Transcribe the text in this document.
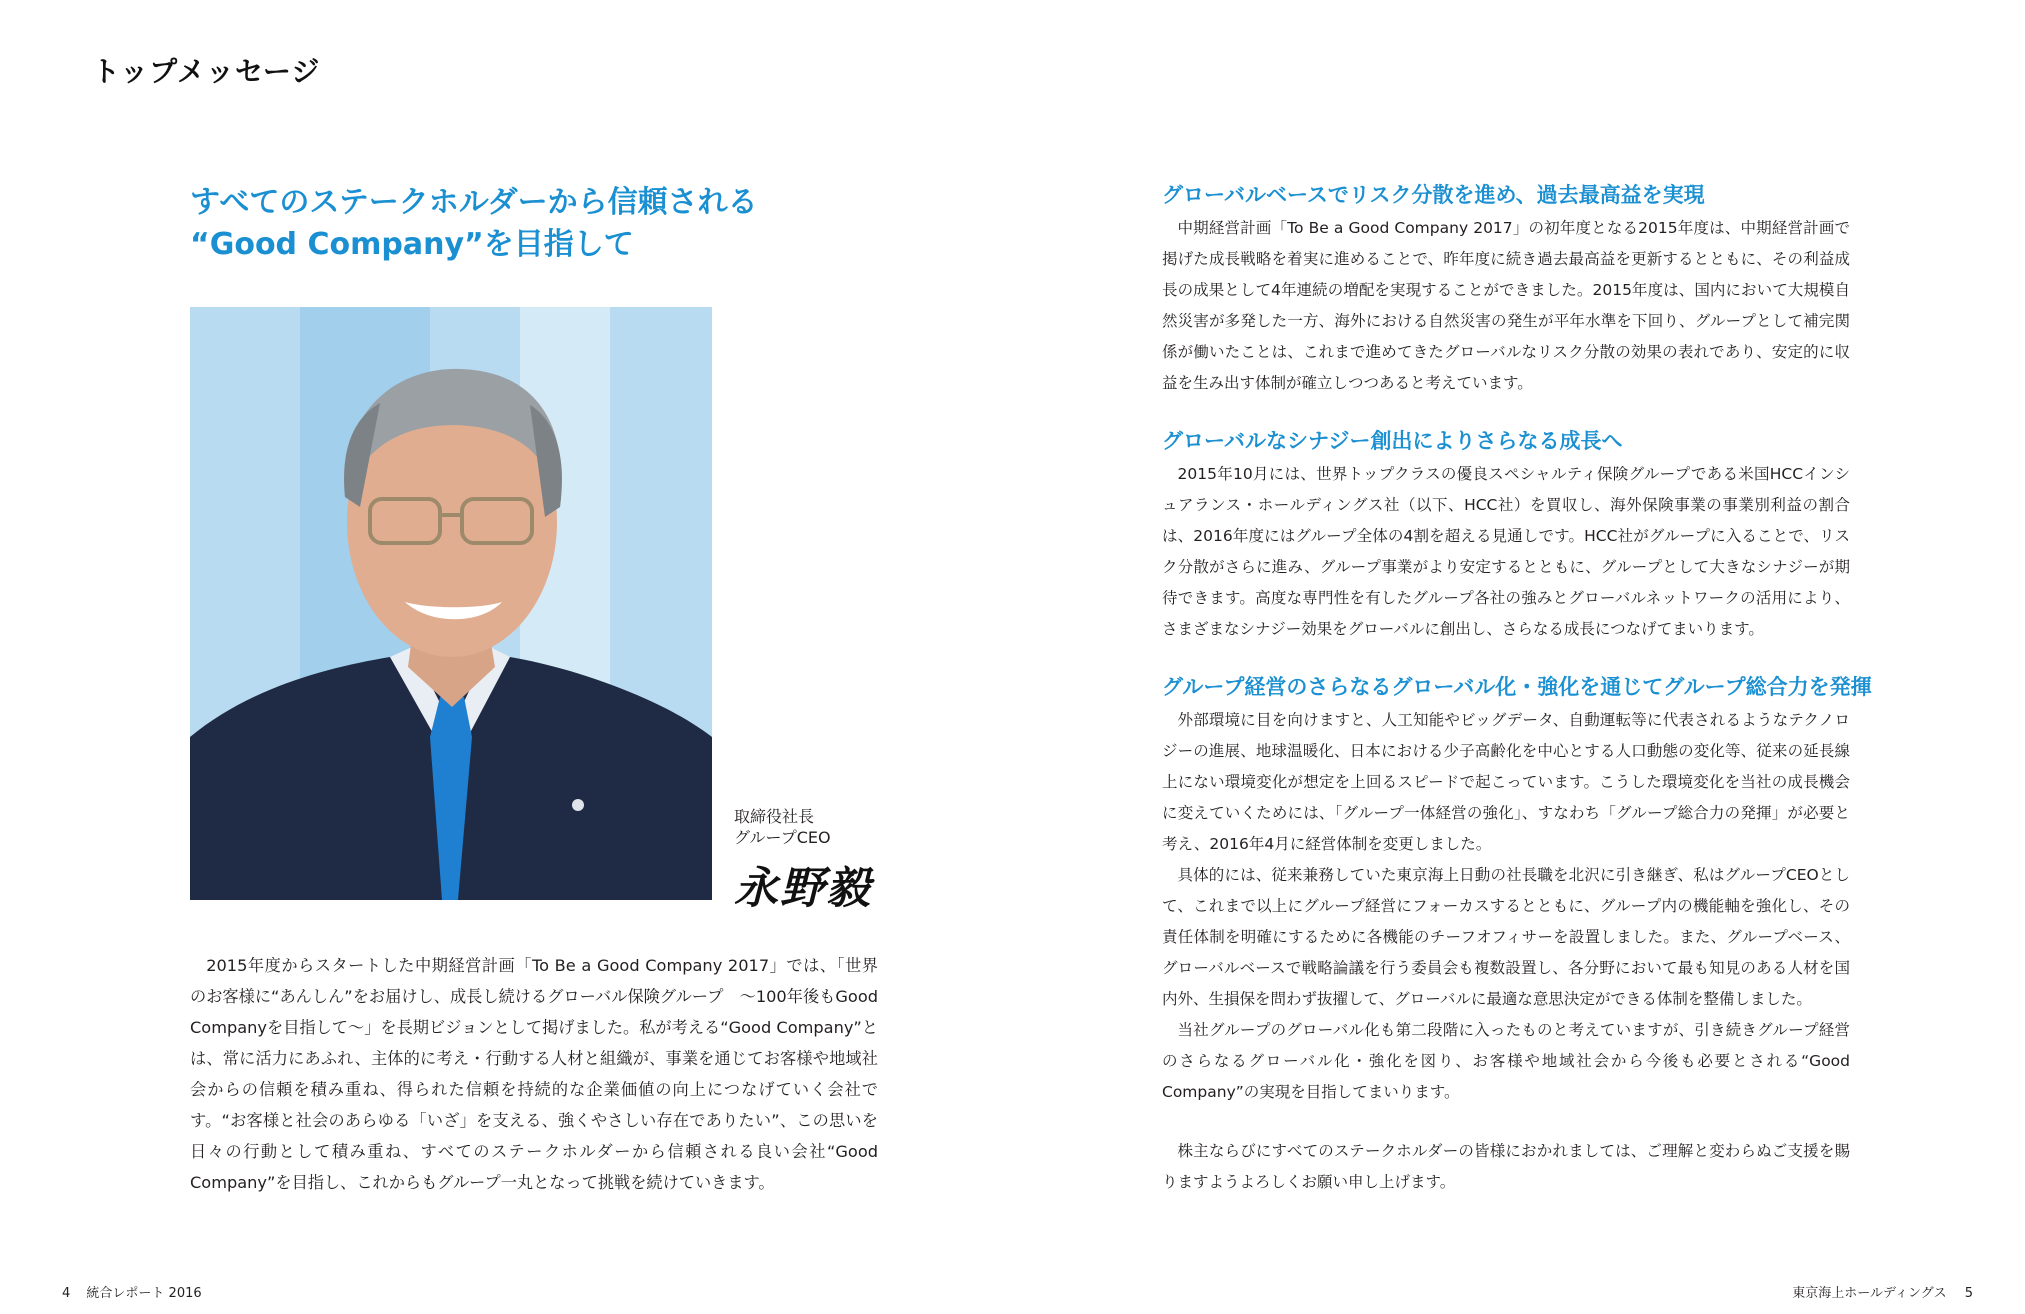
トップメッセージ
すべてのステークホルダーから信頼される
“Good Company”を目指して
取締役社長
グループCEO
永野毅

2015年度からスタートした中期経営計画「To Be a Good Company 2017」では、「世界のお客様に“あんしん”をお届けし、成長し続けるグローバル保険グループ　～100年後もGood Companyを目指して～」を長期ビジョンとして掲げました。私が考える“Good Company”とは、常に活力にあふれ、主体的に考え・行動する人材と組織が、事業を通じてお客様や地域社会からの信頼を積み重ね、得られた信頼を持続的な企業価値の向上につなげていく会社です。“お客様と社会のあらゆる「いざ」を支える、強くやさしい存在でありたい”、この思いを日々の行動として積み重ね、すべてのステークホルダーから信頼される良い会社“Good Company”を目指し、これからもグループ一丸となって挑戦を続けていきます。

グローバルベースでリスク分散を進め、過去最高益を実現

中期経営計画「To Be a Good Company 2017」の初年度となる2015年度は、中期経営計画で掲げた成長戦略を着実に進めることで、昨年度に続き過去最高益を更新するとともに、その利益成長の成果として4年連続の増配を実現することができました。2015年度は、国内において大規模自然災害が多発した一方、海外における自然災害の発生が平年水準を下回り、グループとして補完関係が働いたことは、これまで進めてきたグローバルなリスク分散の効果の表れであり、安定的に収益を生み出す体制が確立しつつあると考えています。

グローバルなシナジー創出によりさらなる成長へ

2015年10月には、世界トップクラスの優良スペシャルティ保険グループである米国HCCインシュアランス・ホールディングス社（以下、HCC社）を買収し、海外保険事業の事業別利益の割合は、2016年度にはグループ全体の4割を超える見通しです。HCC社がグループに入ることで、リスク分散がさらに進み、グループ事業がより安定するとともに、グループとして大きなシナジーが期待できます。高度な専門性を有したグループ各社の強みとグローバルネットワークの活用により、さまざまなシナジー効果をグローバルに創出し、さらなる成長につなげてまいります。

グループ経営のさらなるグローバル化・強化を通じてグループ総合力を発揮

外部環境に目を向けますと、人工知能やビッグデータ、自動運転等に代表されるようなテクノロジーの進展、地球温暖化、日本における少子高齢化を中心とする人口動態の変化等、従来の延長線上にない環境変化が想定を上回るスピードで起こっています。こうした環境変化を当社の成長機会に変えていくためには、「グループ一体経営の強化」、すなわち「グループ総合力の発揮」が必要と考え、2016年4月に経営体制を変更しました。

具体的には、従来兼務していた東京海上日動の社長職を北沢に引き継ぎ、私はグループCEOとして、これまで以上にグループ経営にフォーカスするとともに、グループ内の機能軸を強化し、その責任体制を明確にするために各機能のチーフオフィサーを設置しました。また、グループベース、グローバルベースで戦略論議を行う委員会も複数設置し、各分野において最も知見のある人材を国内外、生損保を問わず抜擢して、グローバルに最適な意思決定ができる体制を整備しました。

当社グループのグローバル化も第二段階に入ったものと考えていますが、引き続きグループ経営のさらなるグローバル化・強化を図り、お客様や地域社会から今後も必要とされる“Good Company”の実現を目指してまいります。

株主ならびにすべてのステークホルダーの皆様におかれましては、ご理解と変わらぬご支援を賜りますようよろしくお願い申し上げます。

4 統合レポート 2016	東京海上ホールディングス 5
